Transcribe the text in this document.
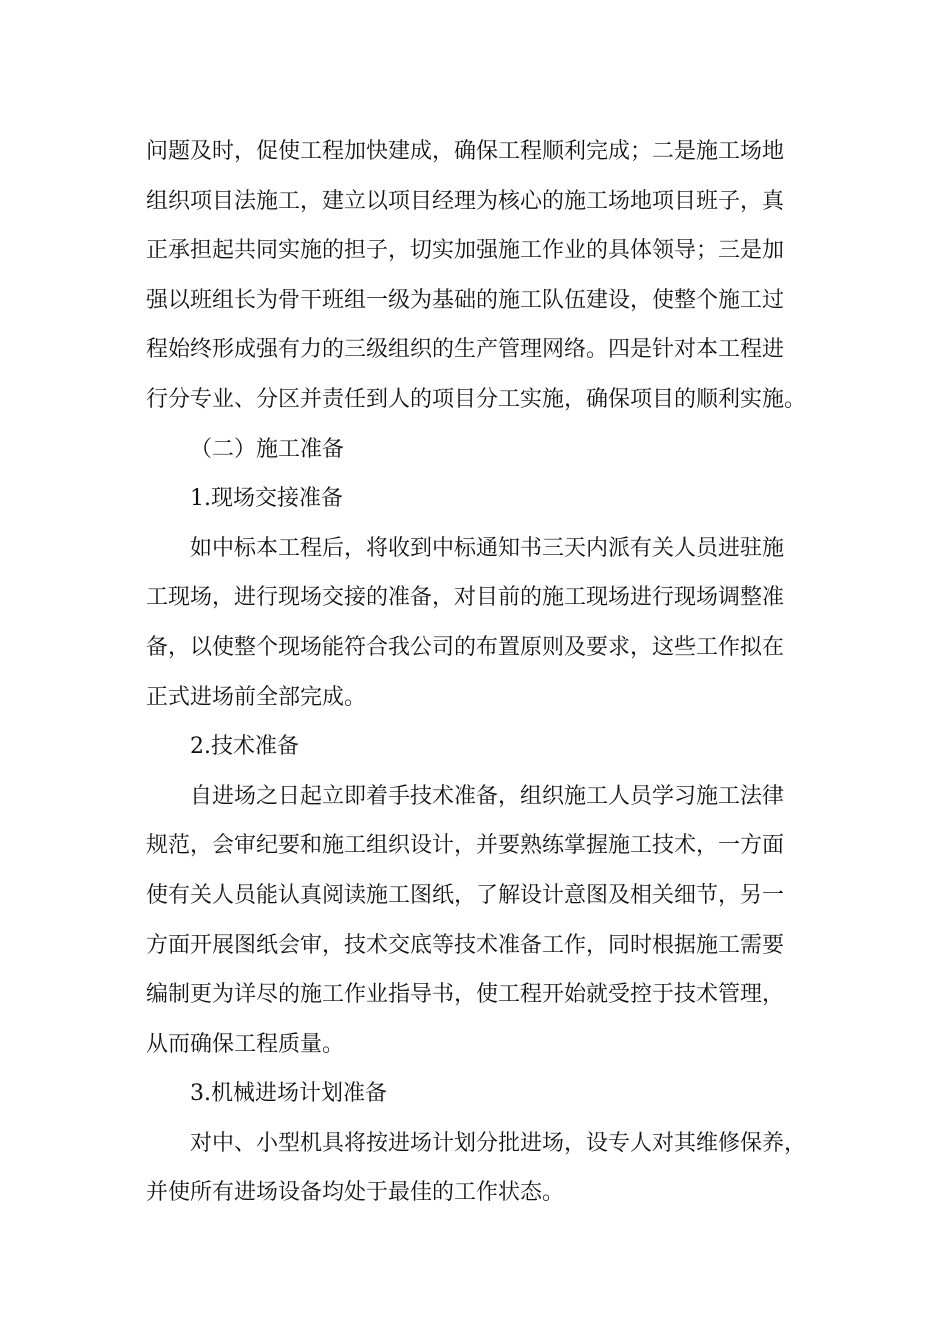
问题及时，促使工程加快建成，确保工程顺利完成；二是施工场地

组织项目法施工，建立以项目经理为核心的施工场地项目班子，真

正承担起共同实施的担子，切实加强施工作业的具体领导；三是加

强以班组长为骨干班组一级为基础的施工队伍建设，使整个施工过

程始终形成强有力的三级组织的生产管理网络。四是针对本工程进

行分专业、分区并责任到人的项目分工实施，确保项目的顺利实施。

（二）施工准备

1.现场交接准备

如中标本工程后，将收到中标通知书三天内派有关人员进驻施

工现场，进行现场交接的准备，对目前的施工现场进行现场调整准

备，以使整个现场能符合我公司的布置原则及要求，这些工作拟在

正式进场前全部完成。

2.技术准备

自进场之日起立即着手技术准备，组织施工人员学习施工法律

规范，会审纪要和施工组织设计，并要熟练掌握施工技术，一方面

使有关人员能认真阅读施工图纸，了解设计意图及相关细节，另一

方面开展图纸会审，技术交底等技术准备工作，同时根据施工需要

编制更为详尽的施工作业指导书，使工程开始就受控于技术管理，

从而确保工程质量。

3.机械进场计划准备

对中、小型机具将按进场计划分批进场，设专人对其维修保养，

并使所有进场设备均处于最佳的工作状态。
